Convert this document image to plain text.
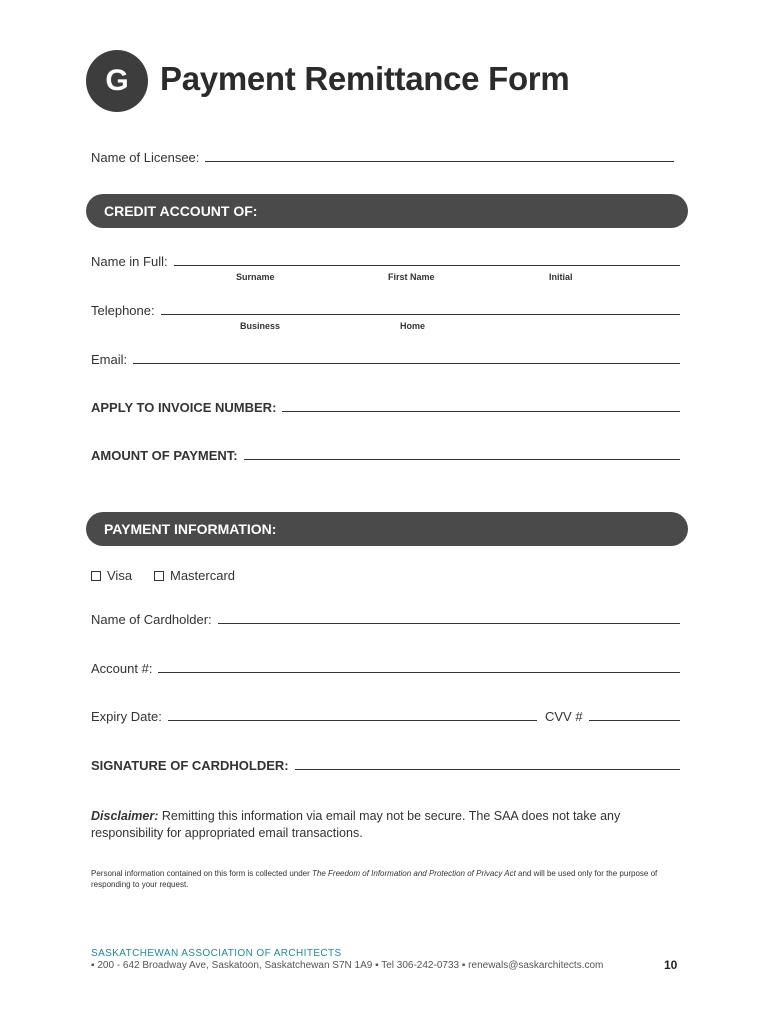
G Payment Remittance Form
Name of Licensee:
CREDIT ACCOUNT OF:
Name in Full:
Surname	First Name	Initial
Telephone:
Business	Home
Email:
APPLY TO INVOICE NUMBER:
AMOUNT OF PAYMENT:
PAYMENT INFORMATION:
Visa	Mastercard
Name of Cardholder:
Account #:
Expiry Date:	CVV #
SIGNATURE OF CARDHOLDER:
Disclaimer: Remitting this information via email may not be secure. The SAA does not take any responsibility for appropriated email transactions.
Personal information contained on this form is collected under The Freedom of Information and Protection of Privacy Act and will be used only for the purpose of responding to your request.
SASKATCHEWAN ASSOCIATION OF ARCHITECTS
▪ 200 - 642 Broadway Ave, Saskatoon, Saskatchewan S7N 1A9 ▪ Tel 306-242-0733 ▪ renewals@saskarchitects.com	10
